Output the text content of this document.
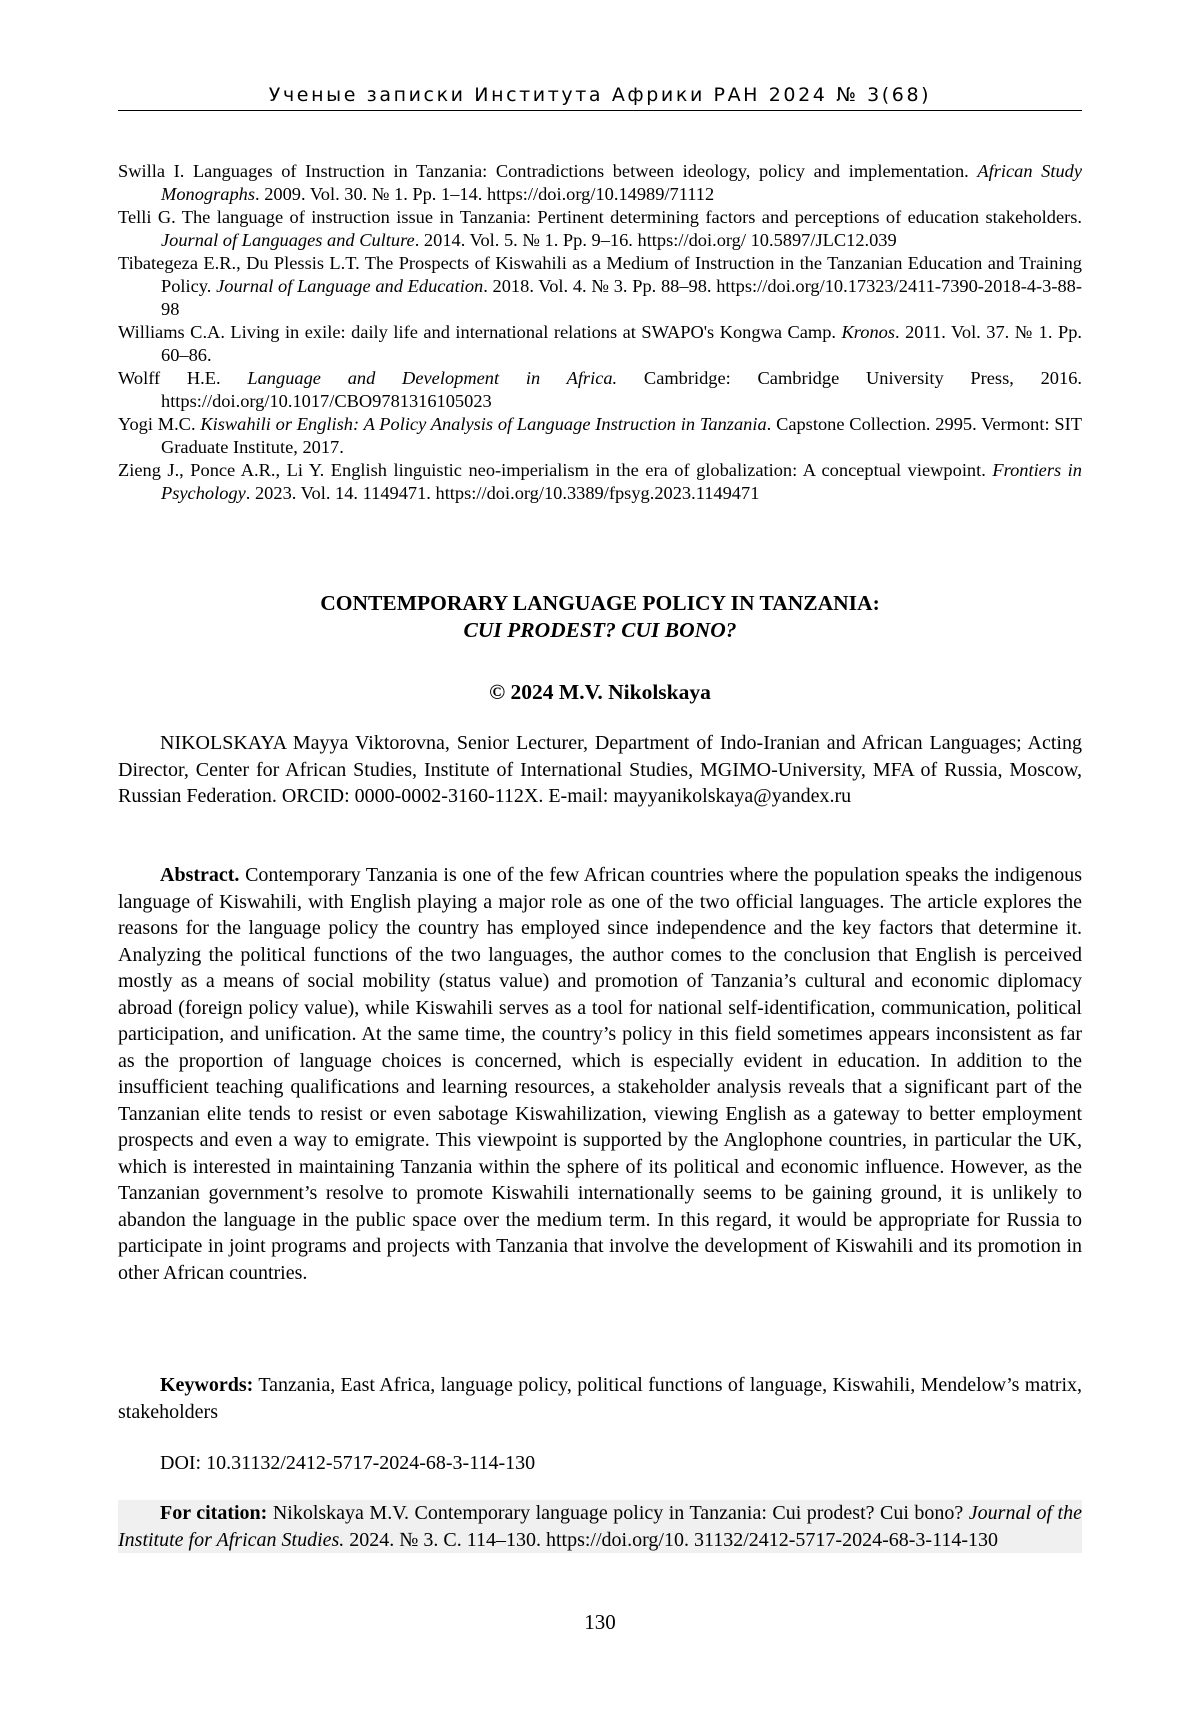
Ученые записки Института Африки РАН 2024 № 3(68)
Swilla I. Languages of Instruction in Tanzania: Contradictions between ideology, policy and implementation. African Study Monographs. 2009. Vol. 30. № 1. Pp. 1–14. https://doi.org/10.14989/71112
Telli G. The language of instruction issue in Tanzania: Pertinent determining factors and perceptions of education stakeholders. Journal of Languages and Culture. 2014. Vol. 5. № 1. Pp. 9–16. https://doi.org/ 10.5897/JLC12.039
Tibategeza E.R., Du Plessis L.T. The Prospects of Kiswahili as a Medium of Instruction in the Tanzanian Education and Training Policy. Journal of Language and Education. 2018. Vol. 4. № 3. Pp. 88–98. https://doi.org/10.17323/2411-7390-2018-4-3-88-98
Williams C.A. Living in exile: daily life and international relations at SWAPO's Kongwa Camp. Kronos. 2011. Vol. 37. № 1. Pp. 60–86.
Wolff H.E. Language and Development in Africa. Cambridge: Cambridge University Press, 2016. https://doi.org/10.1017/CBO9781316105023
Yogi M.C. Kiswahili or English: A Policy Analysis of Language Instruction in Tanzania. Capstone Collection. 2995. Vermont: SIT Graduate Institute, 2017.
Zieng J., Ponce A.R., Li Y. English linguistic neo-imperialism in the era of globalization: A conceptual viewpoint. Frontiers in Psychology. 2023. Vol. 14. 1149471. https://doi.org/10.3389/fpsyg.2023.1149471
CONTEMPORARY LANGUAGE POLICY IN TANZANIA:
CUI PRODEST? CUI BONO?
© 2024 M.V. Nikolskaya

NIKOLSKAYA Mayya Viktorovna, Senior Lecturer, Department of Indo-Iranian and African Languages; Acting Director, Center for African Studies, Institute of International Studies, MGIMO-University, MFA of Russia, Moscow, Russian Federation. ORCID: 0000-0002-3160-112X. E-mail: mayyanikolskaya@yandex.ru

Abstract. Contemporary Tanzania is one of the few African countries where the population speaks the indigenous language of Kiswahili, with English playing a major role as one of the two official languages. The article explores the reasons for the language policy the country has employed since independence and the key factors that determine it. Analyzing the political functions of the two languages, the author comes to the conclusion that English is perceived mostly as a means of social mobility (status value) and promotion of Tanzania’s cultural and economic diplomacy abroad (foreign policy value), while Kiswahili serves as a tool for national self-identification, communication, political participation, and unification. At the same time, the country’s policy in this field sometimes appears inconsistent as far as the proportion of language choices is concerned, which is especially evident in education. In addition to the insufficient teaching qualifications and learning resources, a stakeholder analysis reveals that a significant part of the Tanzanian elite tends to resist or even sabotage Kiswahilization, viewing English as a gateway to better employment prospects and even a way to emigrate. This viewpoint is supported by the Anglophone countries, in particular the UK, which is interested in maintaining Tanzania within the sphere of its political and economic influence. However, as the Tanzanian government’s resolve to promote Kiswahili internationally seems to be gaining ground, it is unlikely to abandon the language in the public space over the medium term. In this regard, it would be appropriate for Russia to participate in joint programs and projects with Tanzania that involve the development of Kiswahili and its promotion in other African countries.

Keywords: Tanzania, East Africa, language policy, political functions of language, Kiswahili, Mendelow’s matrix, stakeholders

DOI: 10.31132/2412-5717-2024-68-3-114-130

For citation: Nikolskaya M.V. Contemporary language policy in Tanzania: Cui prodest? Cui bono? Journal of the Institute for African Studies. 2024. № 3. C. 114–130. https://doi.org/10. 31132/2412-5717-2024-68-3-114-130

130
